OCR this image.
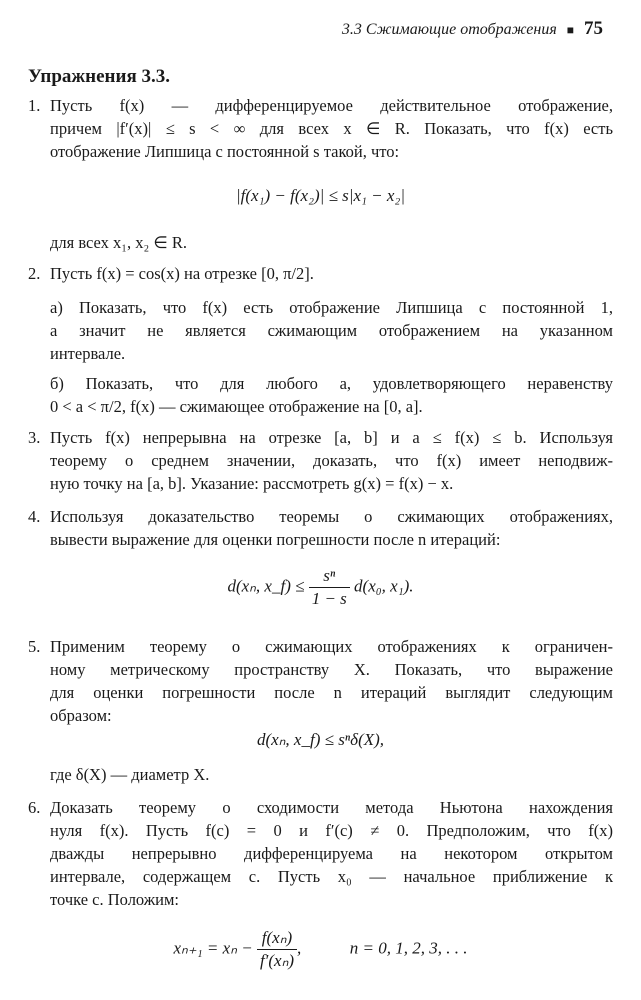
3.3 Сжимающие отображения ■ 75
Упражнения 3.3.
1. Пусть f(x) — дифференцируемое действительное отображение,
причем |f′(x)| ≤ s < ∞ для всех x ∈ R. Показать, что f(x) есть
отображение Липшица с постоянной s такой, что:
|f(x₁) − f(x₂)| ≤ s|x₁ − x₂|
для всех x₁, x₂ ∈ R.
2. Пусть f(x) = cos(x) на отрезке [0, π/2].
а) Показать, что f(x) есть отображение Липшица с постоянной 1,
а значит не является сжимающим отображением на указанном
интервале.
б) Показать, что для любого a, удовлетворяющего неравенству
0 < a < π/2, f(x) — сжимающее отображение на [0, a].
3. Пусть f(x) непрерывна на отрезке [a, b] и a ≤ f(x) ≤ b. Используя
теорему о среднем значении, доказать, что f(x) имеет неподвиж-
ную точку на [a, b]. Указание: рассмотреть g(x) = f(x) − x.
4. Используя доказательство теоремы о сжимающих отображениях,
вывести выражение для оценки погрешности после n итераций:
d(xₙ, x_f) ≤ $\frac{\text{sⁿ}}{1 - s} d(x_0$, x₁).
5. Применим теорему о сжимающих отображениях к ограничен-
ному метрическому пространству X. Показать, что выражение
для оценки погрешности после n итераций выглядит следующим
образом:
d(xₙ, x_f) ≤ sⁿδ(X),
где δ(X) — диаметр X.
6. Доказать теорему о сходимости метода Ньютона нахождения
нуля f(x). Пусть f(c) = 0 и f′(c) ≠ 0. Предположим, что f(x)
дважды непрерывно дифференцируема на некотором открытом
интервале, содержащем c. Пусть x₀ — начальное приближение к
точке c. Положим:
$x_{n+1} = x_n - \frac{\text{f(xₙ)}}{\text{f′(xₙ)}}$ ,	n = 0, 1, 2, 3, . . .
